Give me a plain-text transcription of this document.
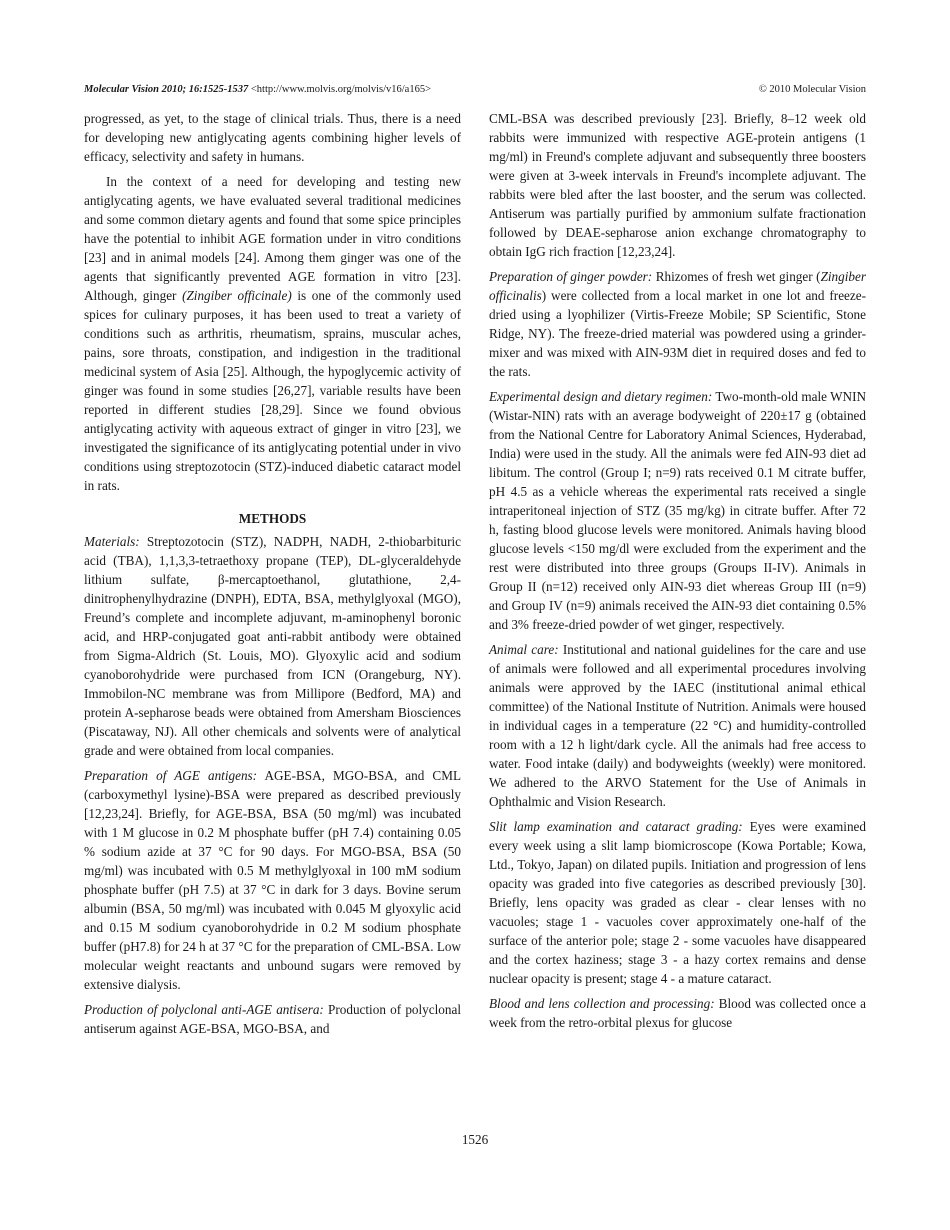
Molecular Vision 2010; 16:1525-1537 <http://www.molvis.org/molvis/v16/a165>	© 2010 Molecular Vision

progressed, as yet, to the stage of clinical trials. Thus, there is a need for developing new antiglycating agents combining higher levels of efficacy, selectivity and safety in humans.

In the context of a need for developing and testing new antiglycating agents, we have evaluated several traditional medicines and some common dietary agents and found that some spice principles have the potential to inhibit AGE formation under in vitro conditions [23] and in animal models [24]. Among them ginger was one of the agents that significantly prevented AGE formation in vitro [23]. Although, ginger (Zingiber officinale) is one of the commonly used spices for culinary purposes, it has been used to treat a variety of conditions such as arthritis, rheumatism, sprains, muscular aches, pains, sore throats, constipation, and indigestion in the traditional medicinal system of Asia [25]. Although, the hypoglycemic activity of ginger was found in some studies [26,27], variable results have been reported in different studies [28,29]. Since we found obvious antiglycating activity with aqueous extract of ginger in vitro [23], we investigated the significance of its antiglycating potential under in vivo conditions using streptozotocin (STZ)-induced diabetic cataract model in rats.

METHODS

Materials: Streptozotocin (STZ), NADPH, NADH, 2-thiobarbituric acid (TBA), 1,1,3,3-tetraethoxy propane (TEP), DL-glyceraldehyde lithium sulfate, β-mercaptoethanol, glutathione, 2,4-dinitrophenylhydrazine (DNPH), EDTA, BSA, methylglyoxal (MGO), Freund’s complete and incomplete adjuvant, m-aminophenyl boronic acid, and HRP-conjugated goat anti-rabbit antibody were obtained from Sigma-Aldrich (St. Louis, MO). Glyoxylic acid and sodium cyanoborohydride were purchased from ICN (Orangeburg, NY). Immobilon-NC membrane was from Millipore (Bedford, MA) and protein A-sepharose beads were obtained from Amersham Biosciences (Piscataway, NJ). All other chemicals and solvents were of analytical grade and were obtained from local companies.

Preparation of AGE antigens: AGE-BSA, MGO-BSA, and CML (carboxymethyl lysine)-BSA were prepared as described previously [12,23,24]. Briefly, for AGE-BSA, BSA (50 mg/ml) was incubated with 1 M glucose in 0.2 M phosphate buffer (pH 7.4) containing 0.05 % sodium azide at 37 °C for 90 days. For MGO-BSA, BSA (50 mg/ml) was incubated with 0.5 M methylglyoxal in 100 mM sodium phosphate buffer (pH 7.5) at 37 °C in dark for 3 days. Bovine serum albumin (BSA, 50 mg/ml) was incubated with 0.045 M glyoxylic acid and 0.15 M sodium cyanoborohydride in 0.2 M sodium phosphate buffer (pH7.8) for 24 h at 37 °C for the preparation of CML-BSA. Low molecular weight reactants and unbound sugars were removed by extensive dialysis.

Production of polyclonal anti-AGE antisera: Production of polyclonal antiserum against AGE-BSA, MGO-BSA, and

CML-BSA was described previously [23]. Briefly, 8–12 week old rabbits were immunized with respective AGE-protein antigens (1 mg/ml) in Freund's complete adjuvant and subsequently three boosters were given at 3-week intervals in Freund's incomplete adjuvant. The rabbits were bled after the last booster, and the serum was collected. Antiserum was partially purified by ammonium sulfate fractionation followed by DEAE-sepharose anion exchange chromatography to obtain IgG rich fraction [12,23,24].

Preparation of ginger powder: Rhizomes of fresh wet ginger (Zingiber officinalis) were collected from a local market in one lot and freeze-dried using a lyophilizer (Virtis-Freeze Mobile; SP Scientific, Stone Ridge, NY). The freeze-dried material was powdered using a grinder-mixer and was mixed with AIN-93M diet in required doses and fed to the rats.

Experimental design and dietary regimen: Two-month-old male WNIN (Wistar-NIN) rats with an average bodyweight of 220±17 g (obtained from the National Centre for Laboratory Animal Sciences, Hyderabad, India) were used in the study. All the animals were fed AIN-93 diet ad libitum. The control (Group I; n=9) rats received 0.1 M citrate buffer, pH 4.5 as a vehicle whereas the experimental rats received a single intraperitoneal injection of STZ (35 mg/kg) in citrate buffer. After 72 h, fasting blood glucose levels were monitored. Animals having blood glucose levels <150 mg/dl were excluded from the experiment and the rest were distributed into three groups (Groups II-IV). Animals in Group II (n=12) received only AIN-93 diet whereas Group III (n=9) and Group IV (n=9) animals received the AIN-93 diet containing 0.5% and 3% freeze-dried powder of wet ginger, respectively.

Animal care: Institutional and national guidelines for the care and use of animals were followed and all experimental procedures involving animals were approved by the IAEC (institutional animal ethical committee) of the National Institute of Nutrition. Animals were housed in individual cages in a temperature (22 °C) and humidity-controlled room with a 12 h light/dark cycle. All the animals had free access to water. Food intake (daily) and bodyweights (weekly) were monitored. We adhered to the ARVO Statement for the Use of Animals in Ophthalmic and Vision Research.

Slit lamp examination and cataract grading: Eyes were examined every week using a slit lamp biomicroscope (Kowa Portable; Kowa, Ltd., Tokyo, Japan) on dilated pupils. Initiation and progression of lens opacity was graded into five categories as described previously [30]. Briefly, lens opacity was graded as clear - clear lenses with no vacuoles; stage 1 - vacuoles cover approximately one-half of the surface of the anterior pole; stage 2 - some vacuoles have disappeared and the cortex haziness; stage 3 - a hazy cortex remains and dense nuclear opacity is present; stage 4 - a mature cataract.

Blood and lens collection and processing: Blood was collected once a week from the retro-orbital plexus for glucose

1526
